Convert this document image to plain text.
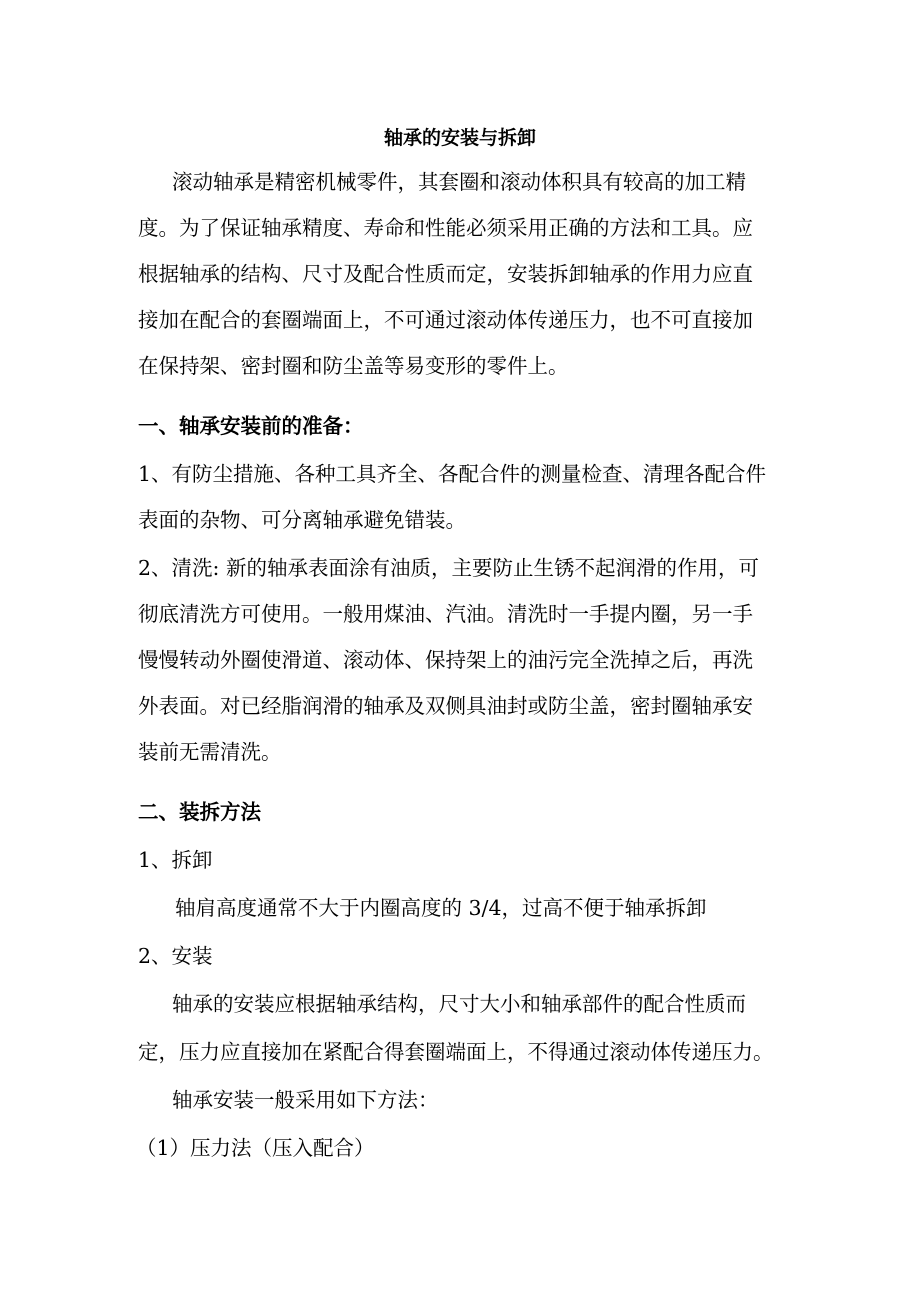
轴承的安装与拆卸
滚动轴承是精密机械零件，其套圈和滚动体积具有较高的加工精
度。为了保证轴承精度、寿命和性能必须采用正确的方法和工具。应
根据轴承的结构、尺寸及配合性质而定，安装拆卸轴承的作用力应直
接加在配合的套圈端面上，不可通过滚动体传递压力，也不可直接加
在保持架、密封圈和防尘盖等易变形的零件上。
一、轴承安装前的准备：
1、有防尘措施、各种工具齐全、各配合件的测量检查、清理各配合件
表面的杂物、可分离轴承避免错装。
2、清洗: 新的轴承表面涂有油质，主要防止生锈不起润滑的作用，可
彻底清洗方可使用。一般用煤油、汽油。清洗时一手提内圈，另一手
慢慢转动外圈使滑道、滚动体、保持架上的油污完全洗掉之后，再洗
外表面。对已经脂润滑的轴承及双侧具油封或防尘盖，密封圈轴承安
装前无需清洗。
二、装拆方法
1、拆卸
轴肩高度通常不大于内圈高度的 3/4，过高不便于轴承拆卸
2、安装
轴承的安装应根据轴承结构，尺寸大小和轴承部件的配合性质而
定，压力应直接加在紧配合得套圈端面上，不得通过滚动体传递压力。
轴承安装一般采用如下方法：
（1）压力法（压入配合）
